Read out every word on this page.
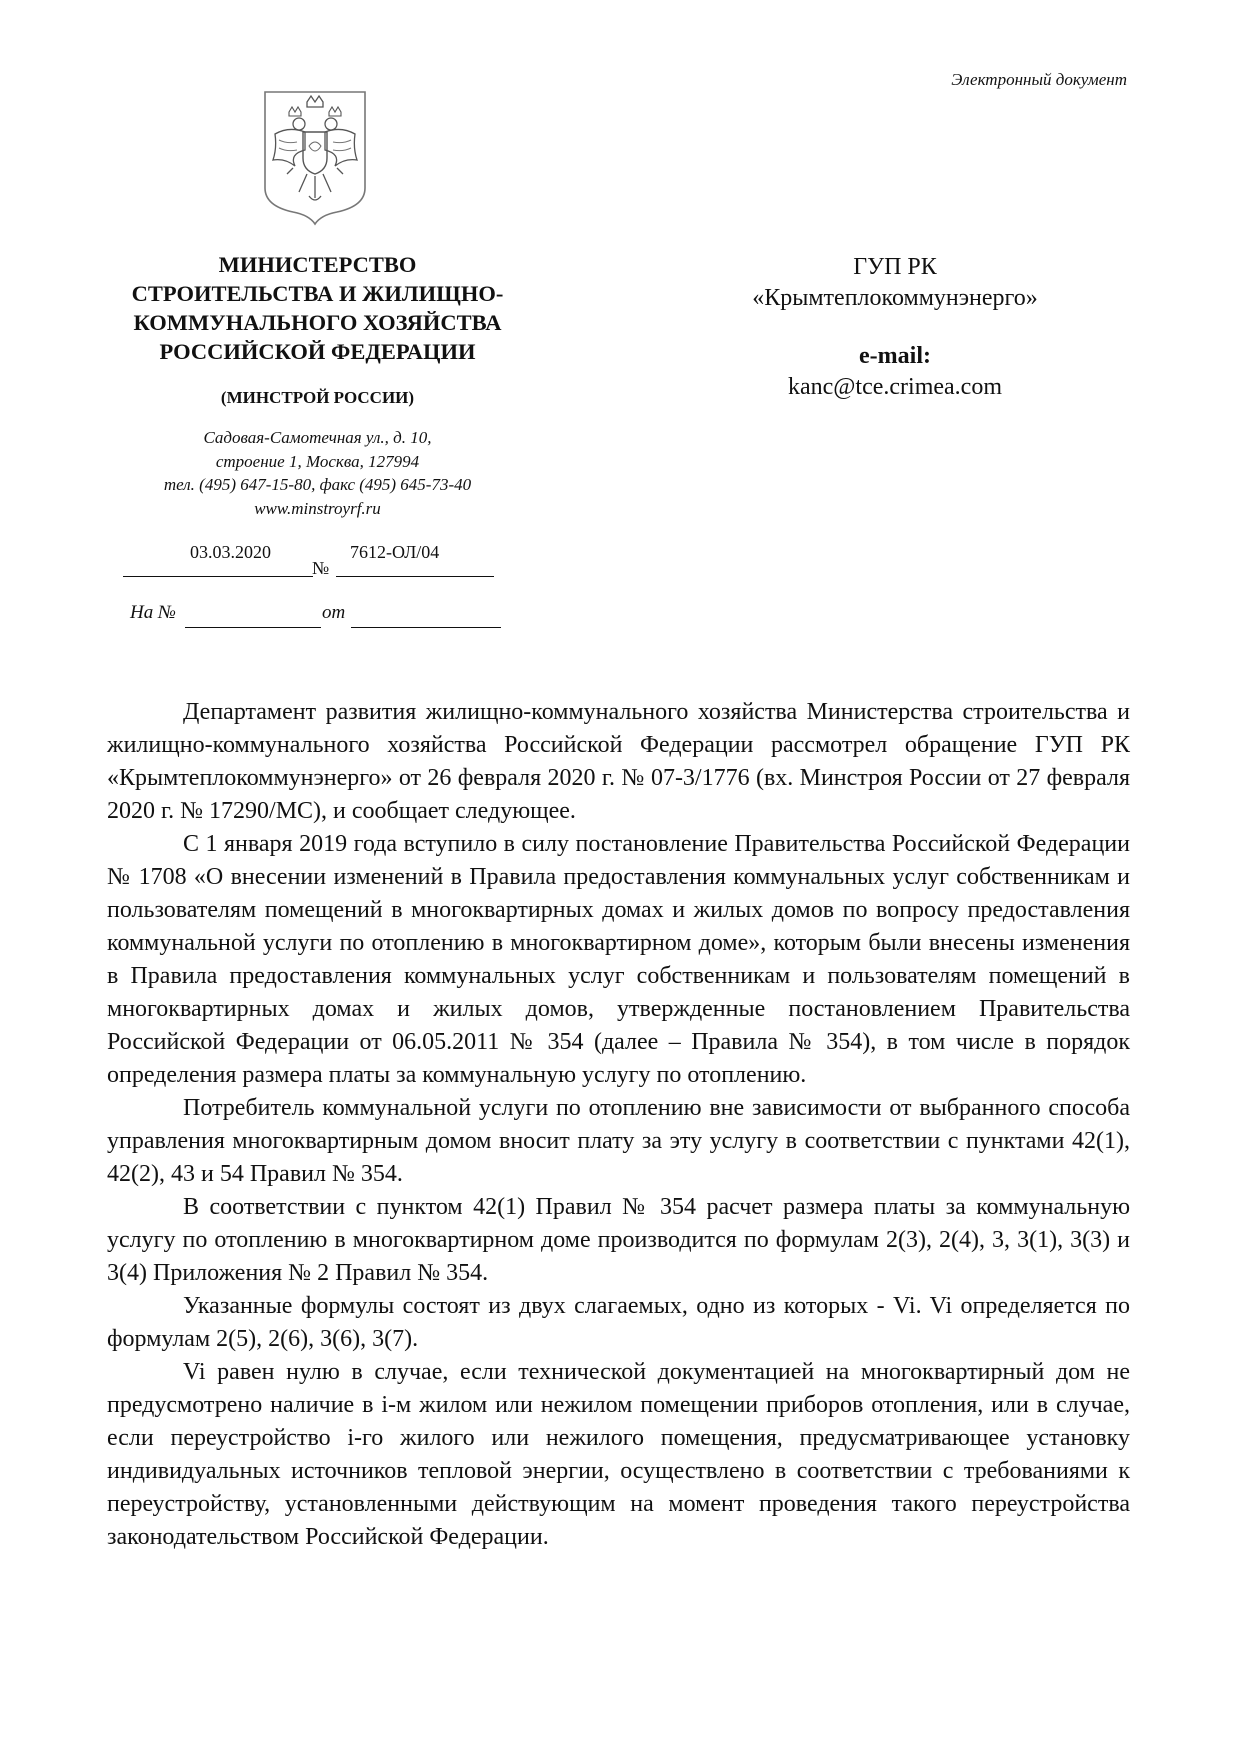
Электронный документ
МИНИСТЕРСТВО
СТРОИТЕЛЬСТВА И ЖИЛИЩНО-
КОММУНАЛЬНОГО ХОЗЯЙСТВА
РОССИЙСКОЙ ФЕДЕРАЦИИ
(МИНСТРОЙ РОССИИ)
Садовая-Самотечная ул., д. 10,
строение 1, Москва, 127994
тел. (495) 647-15-80, факс (495) 645-73-40
www.minstroyrf.ru
03.03.2020
№
7612-ОЛ/04
На №	от
ГУП РК
«Крымтеплокоммунэнерго»
e-mail:
kanc@tce.crimea.com

Департамент развития жилищно-коммунального хозяйства Министерства строительства и жилищно-коммунального хозяйства Российской Федерации рассмотрел обращение ГУП РК «Крымтеплокоммунэнерго» от 26 февраля 2020 г. № 07-3/1776 (вх. Минстроя России от 27 февраля 2020 г. № 17290/МС), и сообщает следующее.

С 1 января 2019 года вступило в силу постановление Правительства Российской Федерации № 1708 «О внесении изменений в Правила предоставления коммунальных услуг собственникам и пользователям помещений в многоквартирных домах и жилых домов по вопросу предоставления коммунальной услуги по отоплению в многоквартирном доме», которым были внесены изменения в Правила предоставления коммунальных услуг собственникам и пользователям помещений в многоквартирных домах и жилых домов, утвержденные постановлением Правительства Российской Федерации от 06.05.2011 № 354 (далее – Правила № 354), в том числе в порядок определения размера платы за коммунальную услугу по отоплению.

Потребитель коммунальной услуги по отоплению вне зависимости от выбранного способа управления многоквартирным домом вносит плату за эту услугу в соответствии с пунктами 42(1), 42(2), 43 и 54 Правил № 354.

В соответствии с пунктом 42(1) Правил № 354 расчет размера платы за коммунальную услугу по отоплению в многоквартирном доме производится по формулам 2(3), 2(4), 3, 3(1), 3(3) и 3(4) Приложения № 2 Правил № 354.

Указанные формулы состоят из двух слагаемых, одно из которых - Vi. Vi определяется по формулам 2(5), 2(6), 3(6), 3(7).

Vi равен нулю в случае, если технической документацией на многоквартирный дом не предусмотрено наличие в i-м жилом или нежилом помещении приборов отопления, или в случае, если переустройство i-го жилого или нежилого помещения, предусматривающее установку индивидуальных источников тепловой энергии, осуществлено в соответствии с требованиями к переустройству, установленными действующим на момент проведения такого переустройства законодательством Российской Федерации.
